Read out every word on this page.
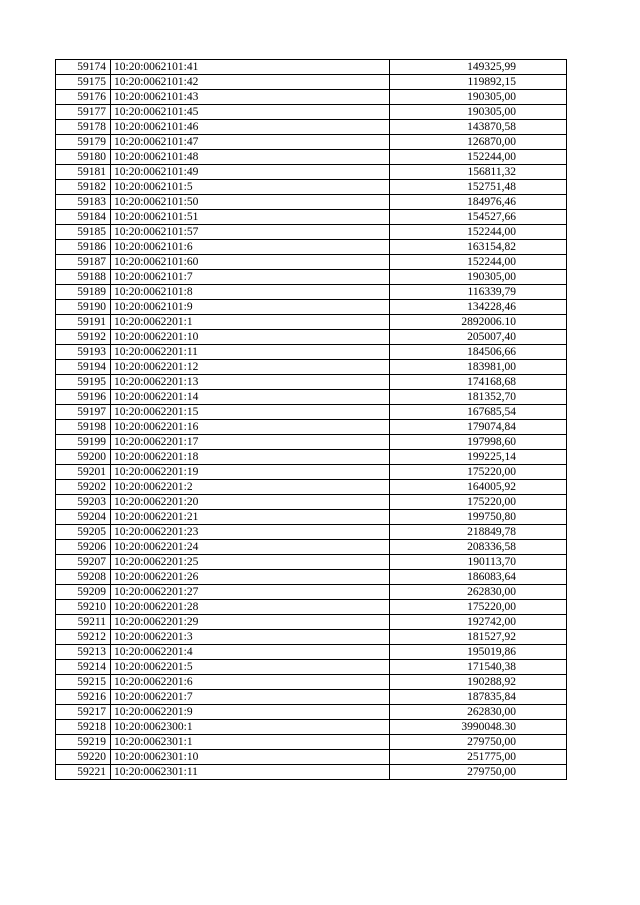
59174	10:20:0062101:41	149325,99
59175	10:20:0062101:42	119892,15
59176	10:20:0062101:43	190305,00
59177	10:20:0062101:45	190305,00
59178	10:20:0062101:46	143870,58
59179	10:20:0062101:47	126870,00
59180	10:20:0062101:48	152244,00
59181	10:20:0062101:49	156811,32
59182	10:20:0062101:5	152751,48
59183	10:20:0062101:50	184976,46
59184	10:20:0062101:51	154527,66
59185	10:20:0062101:57	152244,00
59186	10:20:0062101:6	163154,82
59187	10:20:0062101:60	152244,00
59188	10:20:0062101:7	190305,00
59189	10:20:0062101:8	116339,79
59190	10:20:0062101:9	134228,46
59191	10:20:0062201:1	2892006.10
59192	10:20:0062201:10	205007,40
59193	10:20:0062201:11	184506,66
59194	10:20:0062201:12	183981,00
59195	10:20:0062201:13	174168,68
59196	10:20:0062201:14	181352,70
59197	10:20:0062201:15	167685,54
59198	10:20:0062201:16	179074,84
59199	10:20:0062201:17	197998,60
59200	10:20:0062201:18	199225,14
59201	10:20:0062201:19	175220,00
59202	10:20:0062201:2	164005,92
59203	10:20:0062201:20	175220,00
59204	10:20:0062201:21	199750,80
59205	10:20:0062201:23	218849,78
59206	10:20:0062201:24	208336,58
59207	10:20:0062201:25	190113,70
59208	10:20:0062201:26	186083,64
59209	10:20:0062201:27	262830,00
59210	10:20:0062201:28	175220,00
59211	10:20:0062201:29	192742,00
59212	10:20:0062201:3	181527,92
59213	10:20:0062201:4	195019,86
59214	10:20:0062201:5	171540,38
59215	10:20:0062201:6	190288,92
59216	10:20:0062201:7	187835,84
59217	10:20:0062201:9	262830,00
59218	10:20:0062300:1	3990048.30
59219	10:20:0062301:1	279750,00
59220	10:20:0062301:10	251775,00
59221	10:20:0062301:11	279750,00
